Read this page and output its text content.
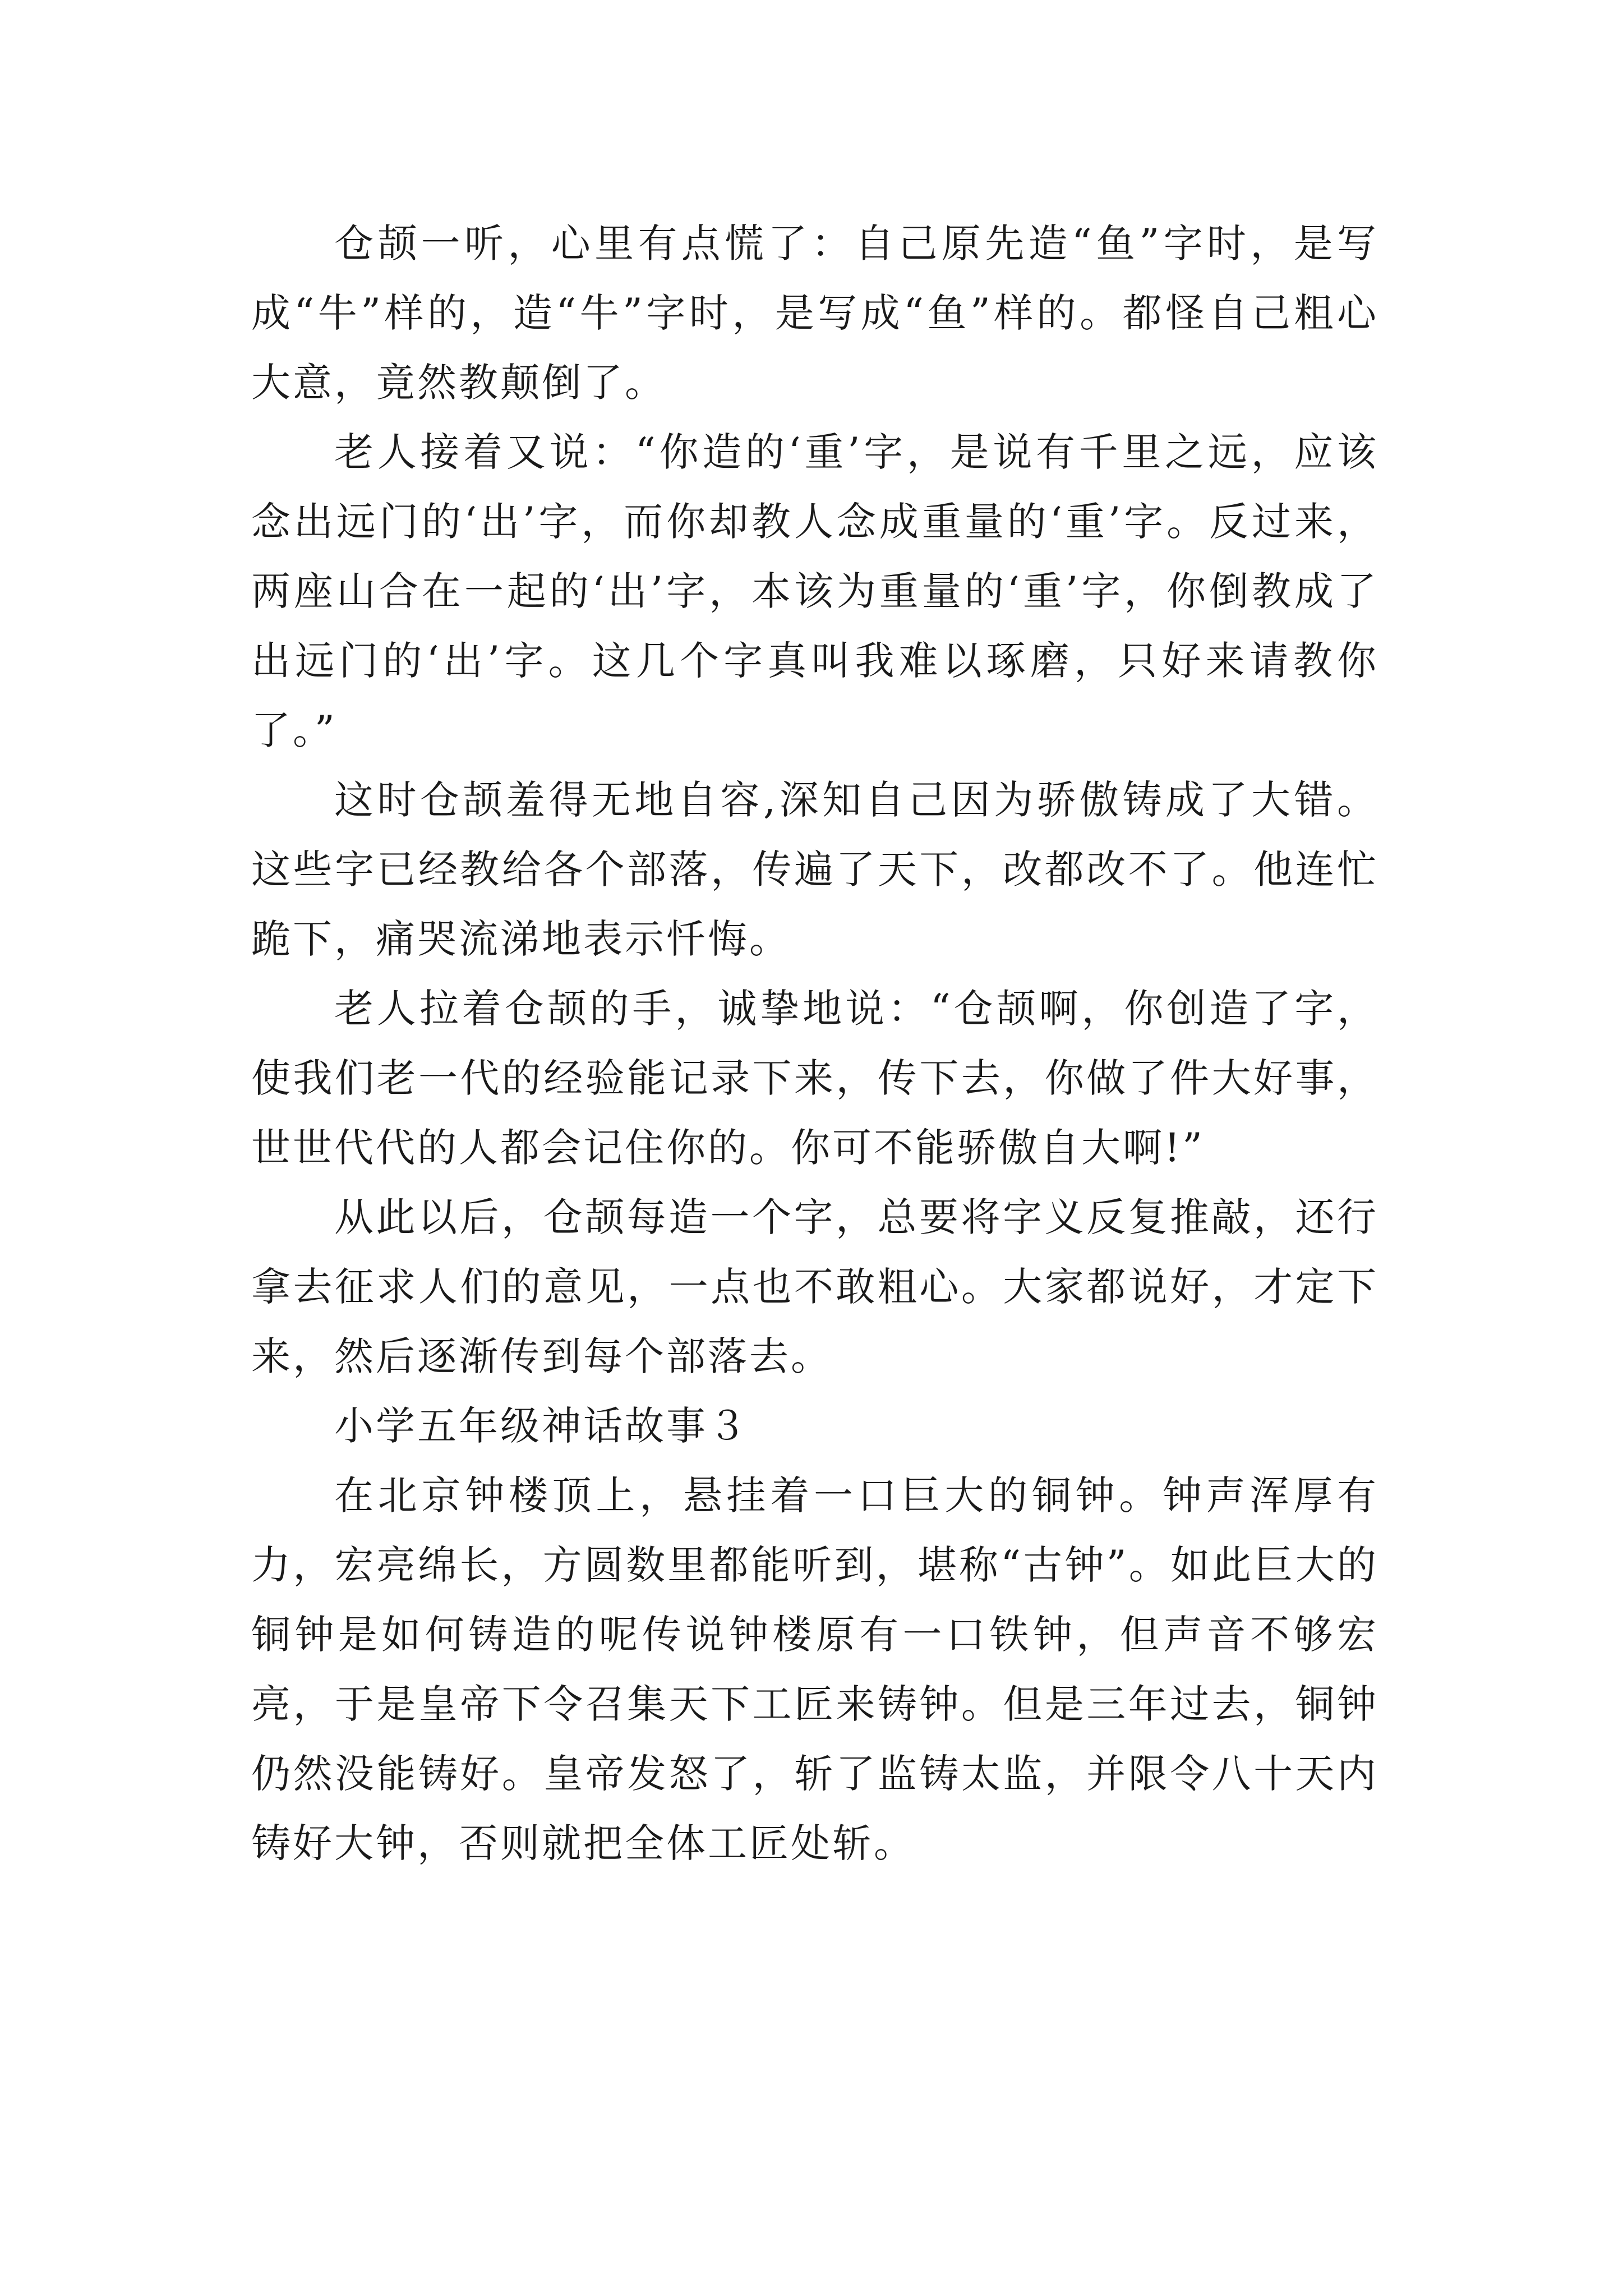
仓颉一听，心里有点慌了：自己原先造“鱼”字时，是写成“牛”样的，造“牛”字时，是写成“鱼”样的。都怪自己粗心大意，竟然教颠倒了。

老人接着又说：“你造的‘重’字，是说有千里之远，应该念出远门的‘出’字，而你却教人念成重量的‘重’字。反过来，两座山合在一起的‘出’字，本该为重量的‘重’字，你倒教成了出远门的‘出’字。这几个字真叫我难以琢磨，只好来请教你了。”

这时仓颉羞得无地自容,深知自己因为骄傲铸成了大错。这些字已经教给各个部落，传遍了天下，改都改不了。他连忙跪下，痛哭流涕地表示忏悔。

老人拉着仓颉的手，诚挚地说：“仓颉啊，你创造了字，使我们老一代的经验能记录下来，传下去，你做了件大好事，世世代代的人都会记住你的。你可不能骄傲自大啊!”

从此以后，仓颉每造一个字，总要将字义反复推敲，还行拿去征求人们的意见，一点也不敢粗心。大家都说好，才定下来，然后逐渐传到每个部落去。

小学五年级神话故事３

在北京钟楼顶上，悬挂着一口巨大的铜钟。钟声浑厚有力，宏亮绵长，方圆数里都能听到，堪称“古钟”。如此巨大的铜钟是如何铸造的呢传说钟楼原有一口铁钟，但声音不够宏亮，于是皇帝下令召集天下工匠来铸钟。但是三年过去，铜钟仍然没能铸好。皇帝发怒了，斩了监铸太监，并限令八十天内铸好大钟，否则就把全体工匠处斩。
